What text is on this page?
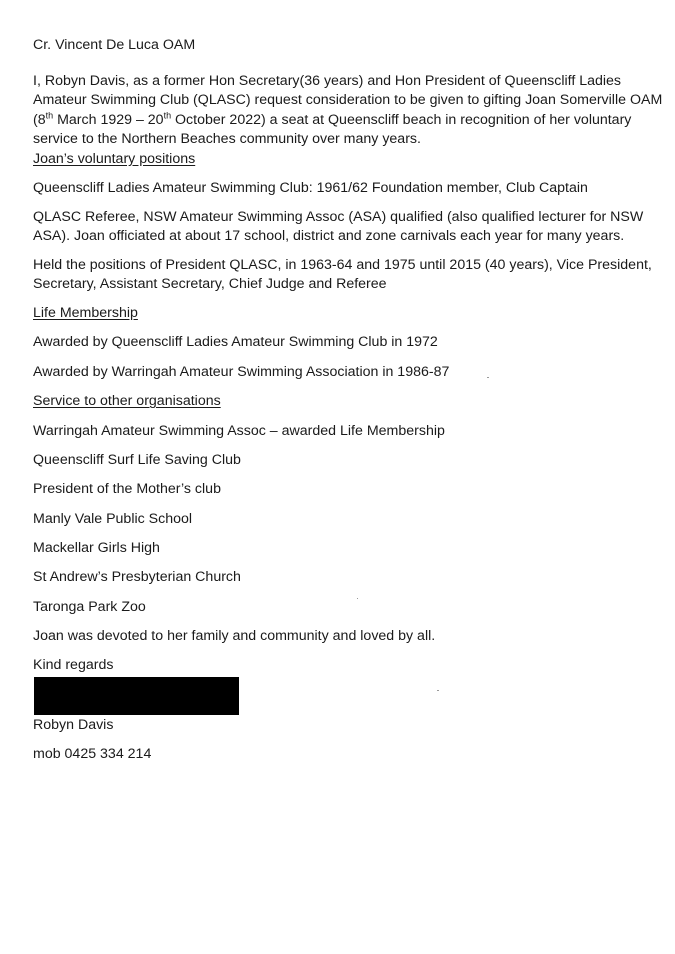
Cr. Vincent De Luca OAM
I, Robyn Davis, as a former Hon Secretary(36 years) and Hon President of Queenscliff Ladies
Amateur Swimming Club (QLASC) request consideration to be given to gifting Joan Somerville OAM
(8th March 1929 – 20th October 2022) a seat at Queenscliff beach in recognition of her voluntary
service to the Northern Beaches community over many years.
Joan’s voluntary positions
Queenscliff Ladies Amateur Swimming Club: 1961/62 Foundation member, Club Captain
QLASC Referee, NSW Amateur Swimming Assoc (ASA) qualified (also qualified lecturer for NSW
ASA). Joan officiated at about 17 school, district and zone carnivals each year for many years.
Held the positions of President QLASC, in 1963-64 and 1975 until 2015 (40 years), Vice President,
Secretary, Assistant Secretary, Chief Judge and Referee
Life Membership
Awarded by Queenscliff Ladies Amateur Swimming Club in 1972
Awarded by Warringah Amateur Swimming Association in 1986-87
Service to other organisations
Warringah Amateur Swimming Assoc – awarded Life Membership
Queenscliff Surf Life Saving Club
President of the Mother’s club
Manly Vale Public School
Mackellar Girls High
St Andrew’s Presbyterian Church
Taronga Park Zoo
Joan was devoted to her family and community and loved by all.
Kind regards
Robyn Davis
mob 0425 334 214
